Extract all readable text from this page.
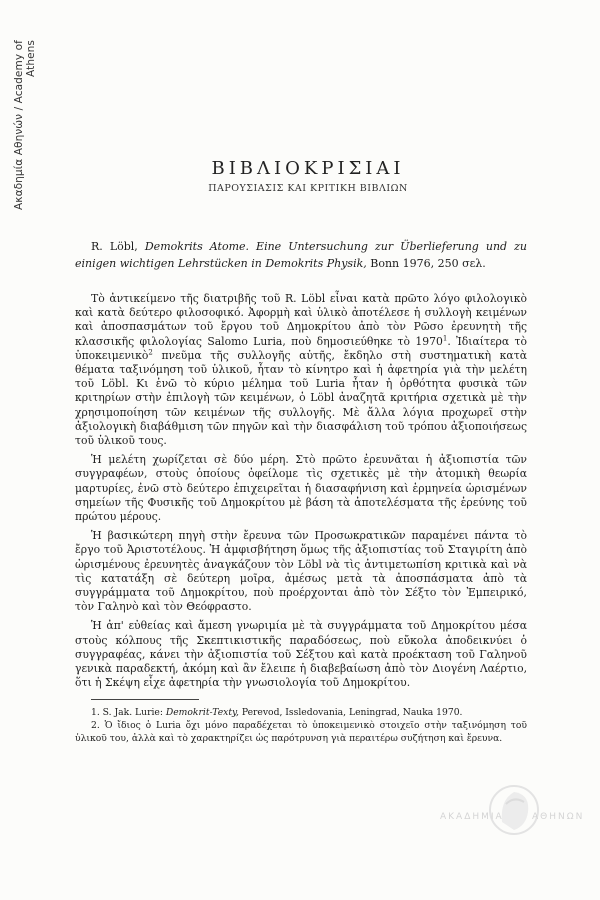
Ακαδημία Αθηνών / Academy of Athens
ΒΙΒΛΙΟΚΡΙΣΙΑΙ
ΠΑΡΟΥΣΙΑΣΙΣ ΚΑΙ ΚΡΙΤΙΚΗ ΒΙΒΛΙΩΝ
R. Löbl, Demokrits Atome. Eine Untersuchung zur Überlieferung und zu einigen wichtigen Lehrstücken in Demokrits Physik, Bonn 1976, 250 σελ.

Τὸ ἀντικείμενο τῆς διατριβῆς τοῦ R. Löbl εἶναι κατὰ πρῶτο λόγο φιλολογικὸ καὶ κατὰ δεύτερο φιλοσοφικό. Ἀφορμὴ καὶ ὑλικὸ ἀποτέλεσε ἡ συλλογὴ κειμένων καὶ ἀποσπασμάτων τοῦ ἔργου τοῦ Δημοκρίτου ἀπὸ τὸν Ρῶσο ἐρευνητὴ τῆς κλασσικῆς φιλολογίας Salomo Luria, ποὺ δημοσιεύθηκε τὸ 1970$^1$. Ἰδιαίτερα τὸ ὑποκειμενικὸ$^2$ πνεῦμα τῆς συλλογῆς αὐτῆς, ἔκδηλο στὴ συστηματικὴ κατὰ θέματα ταξινόμηση τοῦ ὑλικοῦ, ἦταν τὸ κίνητρο καὶ ἡ ἀφετηρία γιὰ τὴν μελέτη τοῦ Löbl. Κι ἐνῶ τὸ κύριο μέλημα τοῦ Luria ἦταν ἡ ὀρθότητα φυσικὰ τῶν κριτηρίων στὴν ἐπιλογὴ τῶν κειμένων, ὁ Löbl ἀναζητᾶ κριτήρια σχετικὰ μὲ τὴν χρησιμοποίηση τῶν κειμένων τῆς συλλογῆς. Μὲ ἄλλα λόγια προχωρεῖ στὴν ἀξιολογικὴ διαβάθμιση τῶν πηγῶν καὶ τὴν διασφάλιση τοῦ τρόπου ἀξιοποιήσεως τοῦ ὑλικοῦ τους.

Ἡ μελέτη χωρίζεται σὲ δύο μέρη. Στὸ πρῶτο ἐρευνᾶται ἡ ἀξιοπιστία τῶν συγγραφέων, στοὺς ὁποίους ὀφείλομε τὶς σχετικὲς μὲ τὴν ἀτομικὴ θεωρία μαρτυρίες, ἐνῶ στὸ δεύτερο ἐπιχειρεῖται ἡ διασαφήνιση καὶ ἑρμηνεία ὡρισμένων σημείων τῆς Φυσικῆς τοῦ Δημοκρίτου μὲ βάση τὰ ἀποτελέσματα τῆς ἐρεύνης τοῦ πρώτου μέρους.

Ἡ βασικώτερη πηγὴ στὴν ἔρευνα τῶν Προσωκρατικῶν παραμένει πάντα τὸ ἔργο τοῦ Ἀριστοτέλους. Ἡ ἀμφισβήτηση ὅμως τῆς ἀξιοπιστίας τοῦ Σταγιρίτη ἀπὸ ὡρισμένους ἐρευνητὲς ἀναγκάζουν τὸν Löbl νὰ τὶς ἀντιμετωπίση κριτικὰ καὶ νὰ τὶς κατατάξη σὲ δεύτερη μοῖρα, ἀμέσως μετὰ τὰ ἀποσπάσματα ἀπὸ τὰ συγγράμματα τοῦ Δημοκρίτου, ποὺ προέρχονται ἀπὸ τὸν Σέξτο τὸν Ἐμπειρικό, τὸν Γαληνὸ καὶ τὸν Θεόφραστο.

Ἡ ἀπ' εὐθείας καὶ ἄμεση γνωριμία μὲ τὰ συγγράμματα τοῦ Δημοκρίτου μέσα στοὺς κόλπους τῆς Σκεπτικιστικῆς παραδόσεως, ποὺ εὔκολα ἀποδεικνύει ὁ συγγραφέας, κάνει τὴν ἀξιοπιστία τοῦ Σέξτου καὶ κατὰ προέκταση τοῦ Γαληνοῦ γενικὰ παραδεκτή, ἀκόμη καὶ ἂν ἔλειπε ἡ διαβεβαίωση ἀπὸ τὸν Διογένη Λαέρτιο, ὅτι ἡ Σκέψη εἶχε ἀφετηρία τὴν γνωσιολογία τοῦ Δημοκρίτου.

1. S. Jak. Lurie: Demokrit-Texty, Perevod, Issledovania, Leningrad, Nauka 1970.

2. Ὁ ἴδιος ὁ Luria ὄχι μόνο παραδέχεται τὸ ὑποκειμενικὸ στοιχεῖο στὴν ταξινόμηση τοῦ ὑλικοῦ του, ἀλλὰ καὶ τὸ χαρακτηρίζει ὡς παρότρυνση γιὰ περαιτέρω συζήτηση καὶ ἔρευνα.

ΑΚΑΔΗΜΙΑ	ΑΘΗΝΩΝ
